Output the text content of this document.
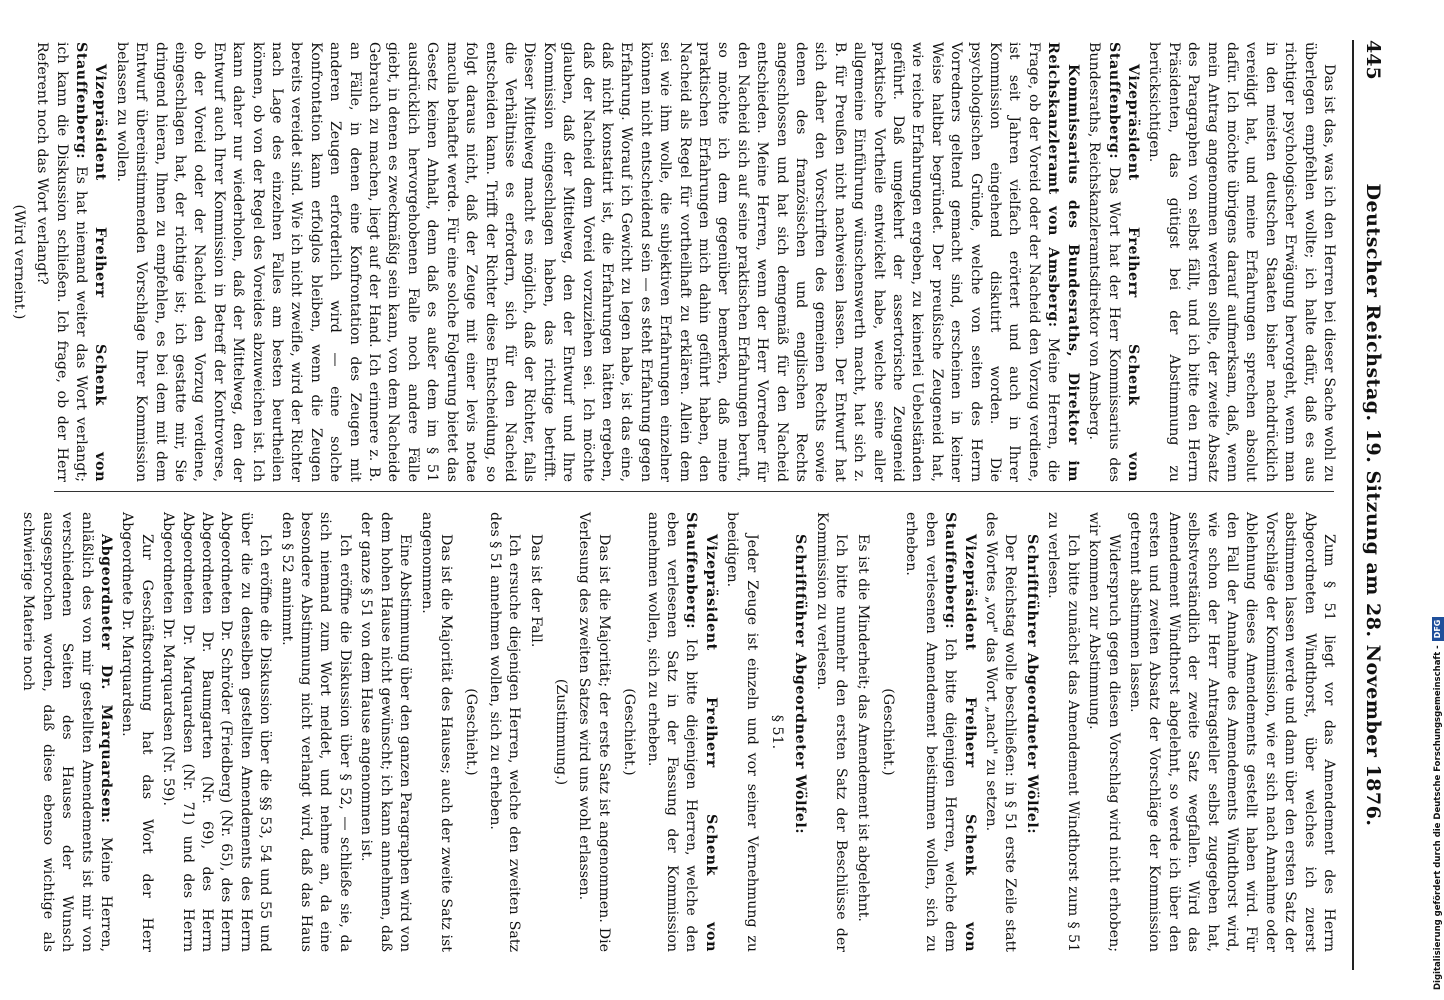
445
Deutscher Reichstag. 19. Sitzung am 28. November 1876.

Das ist das, was ich den Herren bei dieser Sache wohl zu überlegen empfehlen wollte; ich halte dafür, daß es aus richtiger psychologischer Erwägung hervorgeht, wenn man in den meisten deutschen Staaten bisher nachdrücklich vereidigt hat, und meine Erfahrungen sprechen absolut dafür. Ich möchte übrigens darauf aufmerksam, daß, wenn mein Antrag angenommen werden sollte, der zweite Absatz des Paragraphen von selbst fällt, und ich bitte den Herrn Präsidenten, das gütigst bei der Abstimmung zu berücksichtigen.

Vizepräsident Freiherr Schenk von Stauffenberg: Das Wort hat der Herr Kommissarius des Bundesraths, Reichskanzleramtsdirektor von Amsberg.

Kommissarius des Bundesraths, Direktor im Reichskanzleramt von Amsberg: Meine Herren, die Frage, ob der Voreid oder der Nacheid den Vorzug verdiene, ist seit Jahren vielfach erörtert und auch in Ihrer Kommission eingehend diskutirt worden. Die psychologischen Gründe, welche von seiten des Herrn Vorredners geltend gemacht sind, erscheinen in keiner Weise haltbar begründet. Der preußische Zeugeneid hat, wie reiche Erfahrungen ergeben, zu keinerlei Uebelständen geführt. Daß umgekehrt der assertorische Zeugeneid praktische Vortheile entwickelt habe, welche seine aller allgemeine Einführung wünschenswerth macht, hat sich z. B. für Preußen nicht nachweisen lassen. Der Entwurf hat sich daher den Vorschriften des gemeinen Rechts sowie denen des französischen und englischen Rechts angeschlossen und hat sich demgemäß für den Nacheid entschieden. Meine Herren, wenn der Herr Vorredner für den Nacheid sich auf seine praktischen Erfahrungen beruft, so möchte ich dem gegenüber bemerken, daß meine praktischen Erfahrungen mich dahin geführt haben, den Nacheid als Regel für vortheilhaft zu erklären. Allein dem sei wie ihm wolle, die subjektiven Erfahrungen einzelner können nicht entscheidend sein — es steht Erfahrung gegen Erfahrung. Worauf ich Gewicht zu legen habe, ist das eine, daß nicht konstatirt ist, die Erfahrungen hätten ergeben, daß der Nacheid dem Voreid vorzuziehen sei. Ich möchte glauben, daß der Mittelweg, den der Entwurf und Ihre Kommission eingeschlagen haben, das richtige betrifft. Dieser Mittelweg macht es möglich, daß der Richter, falls die Verhältnisse es erfordern, sich für den Nacheid entscheiden kann. Trifft der Richter diese Entscheidung, so folgt daraus nicht, daß der Zeuge mit einer levis notae macula behaftet werde. Für eine solche Folgerung bietet das Gesetz keinen Anhalt, denn daß es außer dem im § 51 ausdrücklich hervorgehobenen Falle noch andere Fälle giebt, in denen es zweckmäßig sein kann, von dem Nacheide Gebrauch zu machen, liegt auf der Hand. Ich erinnere z. B. an Fälle, in denen eine Konfrontation des Zeugen mit anderen Zeugen erforderlich wird — eine solche Konfrontation kann erfolglos bleiben, wenn die Zeugen bereits vereidet sind. Wie ich nicht zweifle, wird der Richter nach Lage des einzelnen Falles am besten beurtheilen können, ob von der Regel des Voreides abzuweichen ist. Ich kann daher nur wiederholen, daß der Mittelweg, den der Entwurf auch Ihrer Kommission in Betreff der Kontroverse, ob der Voreid oder der Nacheid den Vorzug verdiene, eingeschlagen hat, der richtige ist; ich gestatte mir, Sie dringend hieran, Ihnen zu empfehlen, es bei dem mit dem Entwurf übereinstimmenden Vorschlage Ihrer Kommission belassen zu wollen.

Vizepräsident Freiherr Schenk von Stauffenberg: Es hat niemand weiter das Wort verlangt; ich kann die Diskussion schließen. Ich frage, ob der Herr Referent noch das Wort verlangt?

(Wird verneint.)

Zum § 51 liegt vor das Amendement des Herrn Abgeordneten Windthorst, über welches ich zuerst abstimmen lassen werde und dann über den ersten Satz der Vorschläge der Kommission, wie er sich nach Annahme oder Ablehnung dieses Amendements gestellt haben wird. Für den Fall der Annahme des Amendements Windthorst wird, wie schon der Herr Antragsteller selbst zugegeben hat, selbstverständlich der zweite Satz wegfallen. Wird das Amendement Windthorst abgelehnt, so werde ich über den ersten und zweiten Absatz der Vorschläge der Kommission getrennt abstimmen lassen.

Widerspruch gegen diesen Vorschlag wird nicht erhoben; wir kommen zur Abstimmung.

Ich bitte zunächst das Amendement Windthorst zum § 51 zu verlesen.

Schriftführer Abgeordneter Wölfel:

Der Reichstag wolle beschließen: in § 51 erste Zeile statt des Wortes „vor" das Wort „nach" zu setzen.

Vizepräsident Freiherr Schenk von Stauffenberg: Ich bitte diejenigen Herren, welche dem eben verlesenen Amendement beistimmen wollen, sich zu erheben.

(Geschieht.)

Es ist die Minderheit; das Amendement ist abgelehnt.

Ich bitte nunmehr den ersten Satz der Beschlüsse der Kommission zu verlesen.

Schriftführer Abgeordneter Wölfel:

§ 51.

Jeder Zeuge ist einzeln und vor seiner Vernehmung zu beeidigen.

Vizepräsident Freiherr Schenk von Stauffenberg: Ich bitte diejenigen Herren, welche den eben verlesenen Satz in der Fassung der Kommission annehmen wollen, sich zu erheben.

(Geschieht.)

Das ist die Majorität; der erste Satz ist angenommen. Die Verlesung des zweiten Satzes wird uns wohl erlassen.

(Zustimmung.)

Das ist der Fall.

Ich ersuche diejenigen Herren, welche den zweiten Satz des § 51 annehmen wollen, sich zu erheben.

(Geschieht.)

Das ist die Majorität des Hauses; auch der zweite Satz ist angenommen.

Eine Abstimmung über den ganzen Paragraphen wird von dem hohen Hause nicht gewünscht; ich kann annehmen, daß der ganze § 51 von dem Hause angenommen ist.

Ich eröffne die Diskussion über § 52, — schließe sie, da sich niemand zum Wort meldet, und nehme an, da eine besondere Abstimmung nicht verlangt wird, daß das Haus den § 52 annimmt.

Ich eröffne die Diskussion über die §§ 53, 54 und 55 und über die zu denselben gestellten Amendements des Herrn Abgeordneten Dr. Schröder (Friedberg) (Nr. 65), des Herrn Abgeordneten Dr. Baumgarten (Nr. 69), des Herrn Abgeordneten Dr. Marquardsen (Nr. 71) und des Herrn Abgeordneten Dr. Marquardsen (Nr. 59).

Zur Geschäftsordnung hat das Wort der Herr Abgeordnete Dr. Marquardsen.

Abgeordneter Dr. Marquardsen: Meine Herren, anläßlich des von mir gestellten Amendements ist mir von verschiedenen Seiten des Hauses der Wunsch ausgesprochen worden, daß diese ebenso wichtige als schwierige Materie noch

Digitalisierung gefördert durch die Deutsche Forschungsgemeinschaft -DFG
